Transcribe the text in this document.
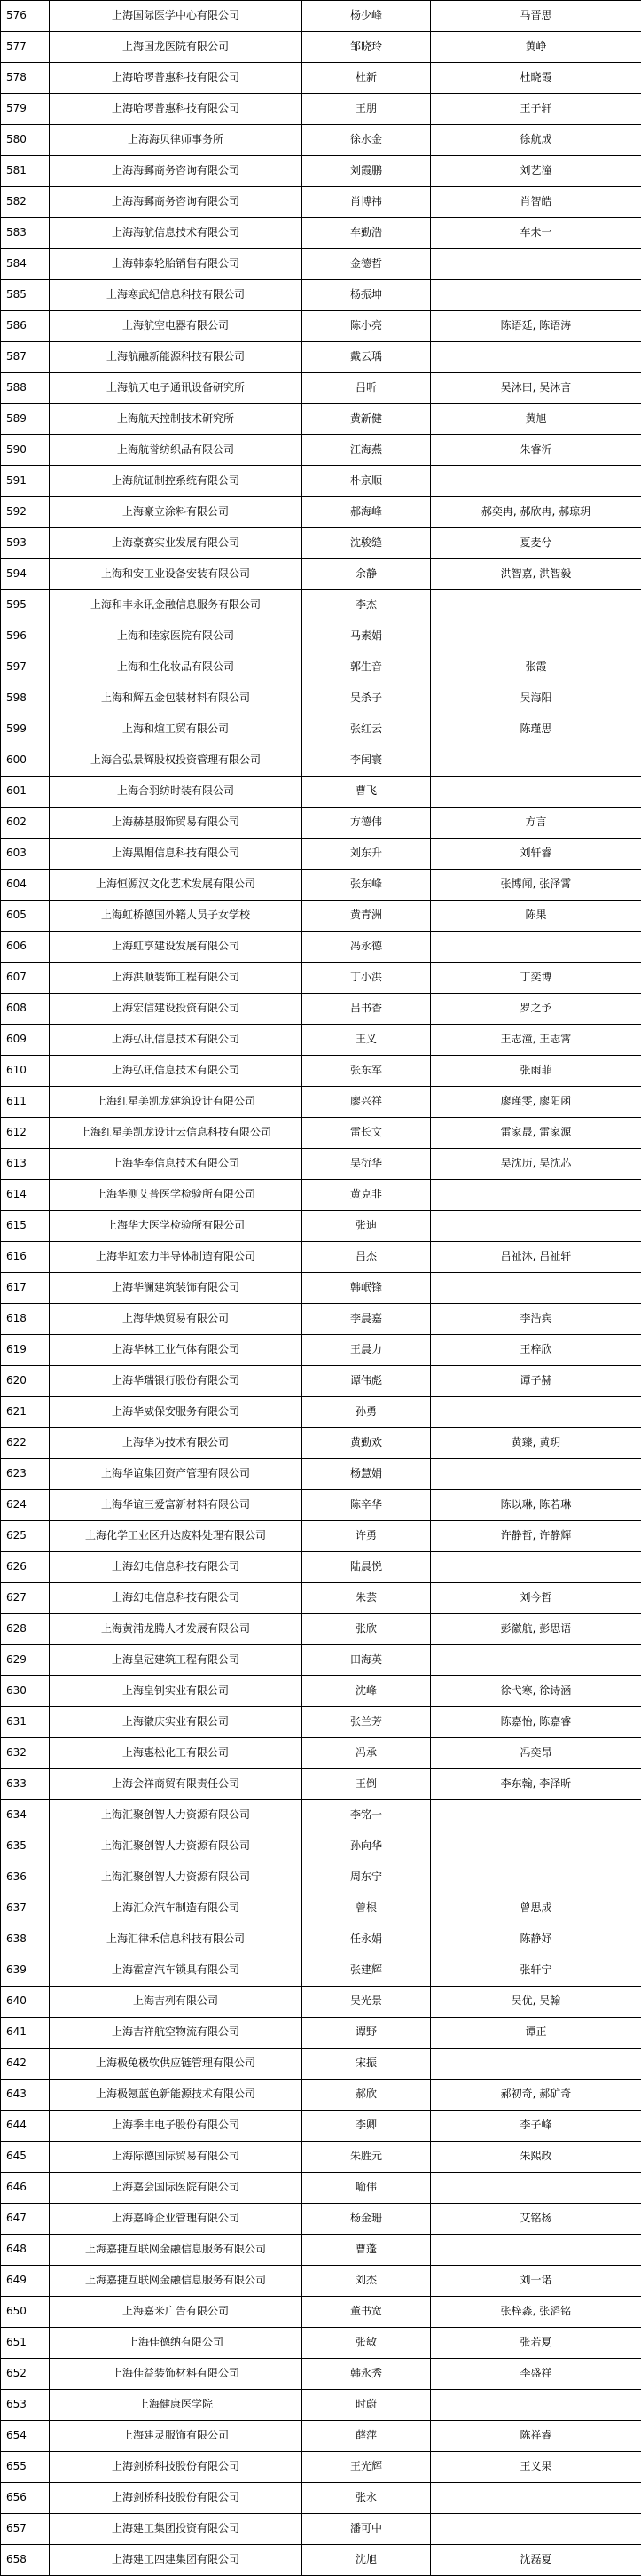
576	上海国际医学中心有限公司	杨少峰	马晋思
577	上海国龙医院有限公司	邹晓玲	黄峥
578	上海哈啰普惠科技有限公司	杜新	杜晓霞
579	上海哈啰普惠科技有限公司	王朋	王子轩
580	上海海贝律师事务所	徐水金	徐航成
581	上海海郵商务咨询有限公司	刘霞鹏	刘艺潼
582	上海海郵商务咨询有限公司	肖博祎	肖智皓
583	上海海航信息技术有限公司	车勤浩	车未一
584	上海韩泰轮胎销售有限公司	金德哲	
585	上海寒武纪信息科技有限公司	杨振坤	
586	上海航空电器有限公司	陈小亮	陈语廷, 陈语涛
587	上海航融新能源科技有限公司	戴云瑀	
588	上海航天电子通讯设备研究所	吕昕	吴沐曰, 吴沐言
589	上海航天控制技术研究所	黄新健	黄旭
590	上海航誉纺织品有限公司	江海燕	朱睿沂
591	上海航证制控系统有限公司	朴京顺	
592	上海豪立涂料有限公司	郝海峰	郝奕冉, 郝欣冉, 郝琼玥
593	上海豪赛实业发展有限公司	沈骏缝	夏麦兮
594	上海和安工业设备安装有限公司	余静	洪智嘉, 洪智毅
595	上海和丰永讯金融信息服务有限公司	李杰	
596	上海和睦家医院有限公司	马素娟	
597	上海和生化妆品有限公司	郭生音	张霞
598	上海和辉五金包装材料有限公司	吴杀子	吴海阳
599	上海和煊工贸有限公司	张红云	陈瑾思
600	上海合弘景辉股权投资管理有限公司	李闰寰	
601	上海合羽纺时装有限公司	曹飞	
602	上海赫基服饰贸易有限公司	方德伟	方言
603	上海黑帽信息科技有限公司	刘东升	刘轩睿
604	上海恒源汉文化艺术发展有限公司	张东峰	张博闻, 张泽霄
605	上海虹桥德国外籍人员子女学校	黄青洲	陈果
606	上海虹享建设发展有限公司	冯永德	
607	上海洪顺装饰工程有限公司	丁小洪	丁奕博
608	上海宏信建设投资有限公司	吕书香	罗之予
609	上海弘讯信息技术有限公司	王义	王志潼, 王志霄
610	上海弘讯信息技术有限公司	张东军	张雨菲
611	上海红星美凯龙建筑设计有限公司	廖兴祥	廖瑾雯, 廖阳函
612	上海红星美凯龙设计云信息科技有限公司	雷长文	雷家晟, 雷家源
613	上海华奉信息技术有限公司	吴衍华	吴沈历, 吴沈芯
614	上海华测艾普医学检验所有限公司	黄克非	
615	上海华大医学检验所有限公司	张迪	
616	上海华虹宏力半导体制造有限公司	吕杰	吕祉沐, 吕祉轩
617	上海华澜建筑装饰有限公司	韩岷锋	
618	上海华焕贸易有限公司	李晨嘉	李浩宾
619	上海华林工业气体有限公司	王晨力	王梓欣
620	上海华瑞银行股份有限公司	谭伟彪	谭子赫
621	上海华威保安服务有限公司	孙勇	
622	上海华为技术有限公司	黄勤欢	黄臻, 黄玥
623	上海华谊集团资产管理有限公司	杨慧娟	
624	上海华谊三爱富新材料有限公司	陈辛华	陈以琳, 陈若琳
625	上海化学工业区升达废料处理有限公司	许勇	许静哲, 许静辉
626	上海幻电信息科技有限公司	陆晨悦	
627	上海幻电信息科技有限公司	朱芸	刘今哲
628	上海黄浦龙腾人才发展有限公司	张欣	彭徽航, 彭思语
629	上海皇冠建筑工程有限公司	田海英	
630	上海皇钊实业有限公司	沈峰	徐弋寒, 徐诗涵
631	上海徽庆实业有限公司	张兰芳	陈嘉怡, 陈嘉睿
632	上海惠松化工有限公司	冯承	冯奕昂
633	上海会祥商贸有限责任公司	王倒	李东翰, 李泽昕
634	上海汇聚创智人力资源有限公司	李铭一	
635	上海汇聚创智人力资源有限公司	孙向华	
636	上海汇聚创智人力资源有限公司	周东宁	
637	上海汇众汽车制造有限公司	曾根	曾思成
638	上海汇律禾信息科技有限公司	任永娟	陈静妤
639	上海霍富汽车锁具有限公司	张建辉	张轩宁
640	上海吉列有限公司	吴光景	吴优, 吴翰
641	上海吉祥航空物流有限公司	谭野	谭正
642	上海极兔极软供应链管理有限公司	宋振	
643	上海极氪蓝色新能源技术有限公司	郝欣	郝初奇, 郝矿奇
644	上海季丰电子股份有限公司	李卿	李子峰
645	上海际德国际贸易有限公司	朱胜元	朱熙政
646	上海嘉会国际医院有限公司	喻伟	
647	上海嘉峰企业管理有限公司	杨金珊	艾铭杨
648	上海嘉捷互联网金融信息服务有限公司	曹蓬	
649	上海嘉捷互联网金融信息服务有限公司	刘杰	刘一诺
650	上海嘉米广告有限公司	董书宽	张梓淼, 张滔铭
651	上海佳德纳有限公司	张敏	张若夏
652	上海佳益装饰材料有限公司	韩永秀	李盛祥
653	上海健康医学院	时蔚	
654	上海建灵服饰有限公司	薛萍	陈祥睿
655	上海剑桥科技股份有限公司	王光辉	王义果
656	上海剑桥科技股份有限公司	张永	
657	上海建工集团投资有限公司	潘可中	
658	上海建工四建集团有限公司	沈旭	沈磊夏
